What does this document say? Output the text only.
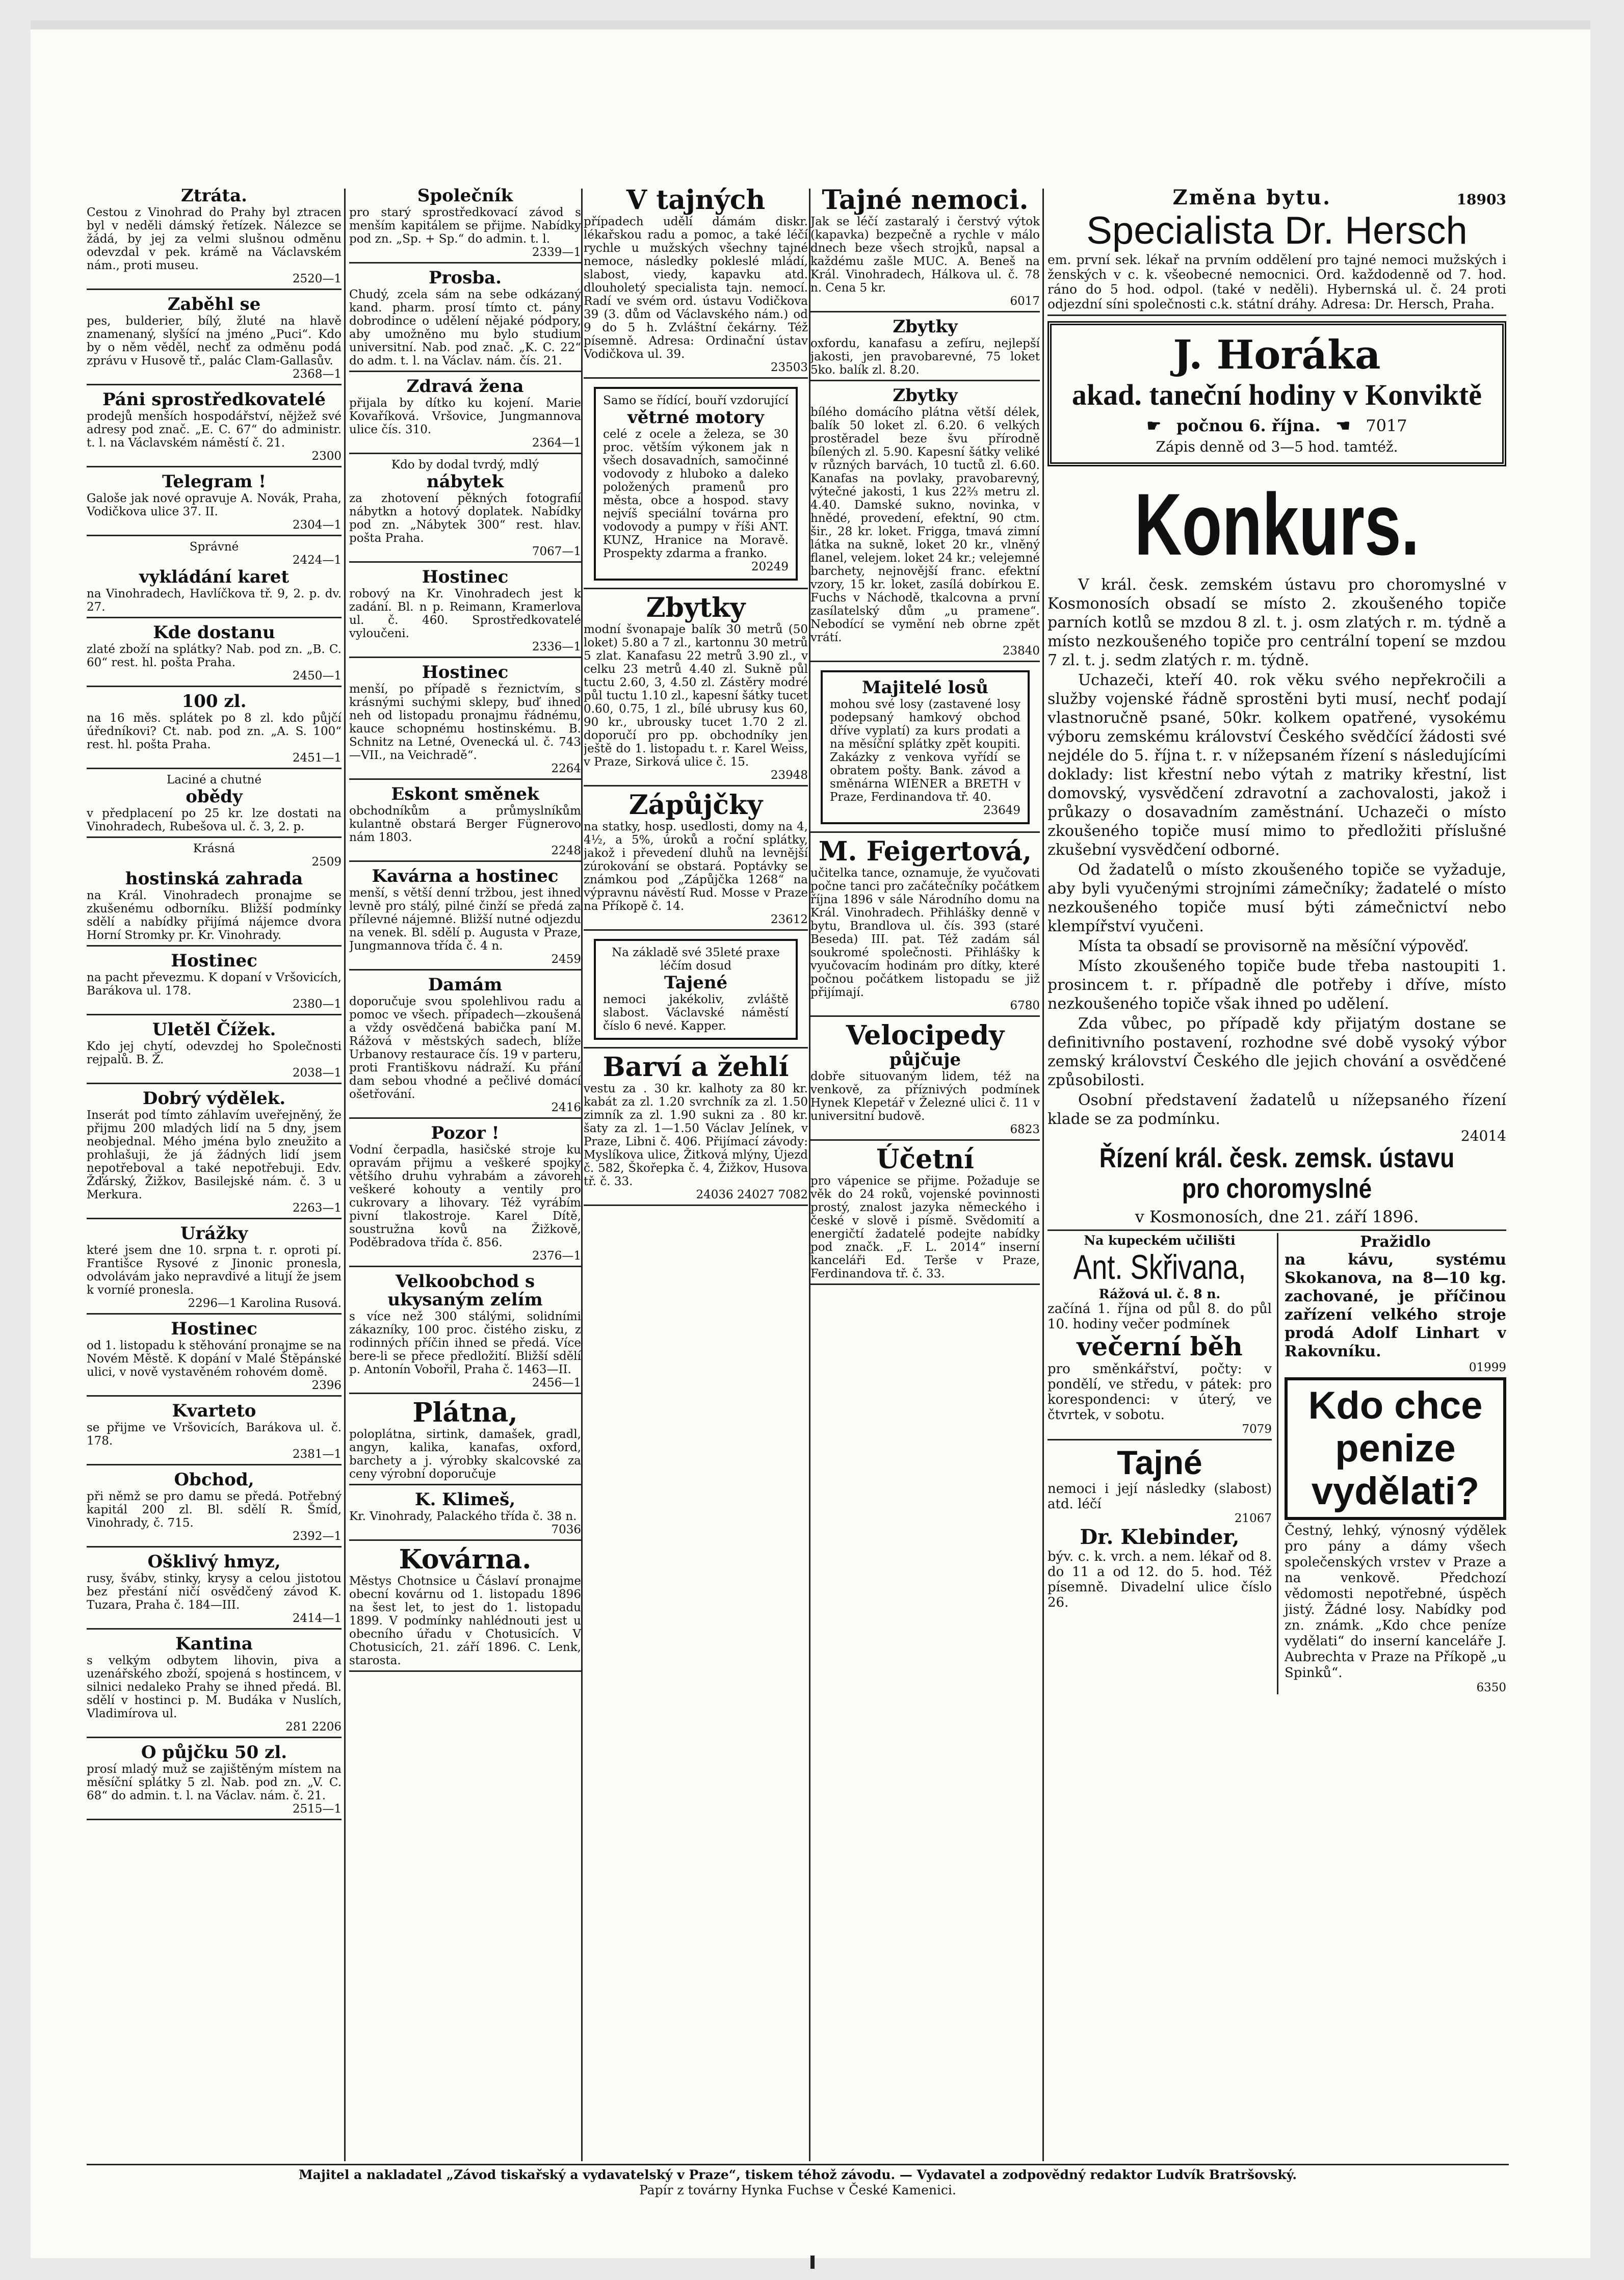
Ztráta.
Cestou z Vinohrad do Prahy byl ztracen byl v neděli dámský řetízek. Nálezce se žádá, by jej za velmi slušnou odměnu odevzdal v pek. krámě na Václavském nám., proti museu.
2520—1
Zaběhl se
pes, bulderier, bílý, žluté na hlavě znamenaný, slyšící na jméno „Puci“. Kdo by o něm věděl, nechť za odměnu podá zprávu v Husově tř., palác Clam-Gallasův.
2368—1
Páni sprostředkovatelé
prodejů menších hospodářství, nějžež své adresy pod znač. „E. C. 67“ do administr. t. l. na Václavském náměstí č. 21.
2300
Telegram !
Galoše jak nové opravuje A. Novák, Praha, Vodičkova ulice 37. II.
2304—1
Správné
2424—1
vykládání karet
na Vinohradech, Havlíčkova tř. 9, 2. p. dv. 27.
Kde dostanu
zlaté zboží na splátky? Nab. pod zn. „B. C. 60“ rest. hl. pošta Praha.
2450—1
100 zl.
na 16 měs. splátek po 8 zl. kdo půjčí úředníkovi? Ct. nab. pod zn. „A. S. 100“ rest. hl. pošta Praha.
2451—1
Laciné a chutné
obědy
v předplacení po 25 kr. lze dostati na Vinohradech, Rubešova ul. č. 3, 2. p.
Krásná
2509
hostinská zahrada
na Král. Vinohradech pronajme se zkušenému odborníku. Bližší podmínky sdělí a nabídky přijímá nájemce dvora Horní Stromky pr. Kr. Vinohrady.
Hostinec
na pacht převezmu. K dopaní v Vršovicích, Barákova ul. 178.
2380—1
Uletěl Čížek.
Kdo jej chytí, odevzdej ho Společnosti rejpalů. B. Ž.
2038—1
Dobrý výdělek.
Inserát pod tímto záhlavím uveřejněný, že přijmu 200 mladých lidí na 5 dny, jsem neobjednal. Mého jména bylo zneužito a prohlašuji, že já žádných lidí jsem nepotřeboval a také nepotřebuji. Edv. Žďárský, Žižkov, Basilejské nám. č. 3 u Merkura.
2263—1
Urážky
které jsem dne 10. srpna t. r. oproti pí. Františce Rysové z Jinonic pronesla, odvolávám jako nepravdivé a litují že jsem k vorníé pronesla.
2296—1 Karolina Rusová.
Hostinec
od 1. listopadu k stěhování pronajme se na Novém Městě. K dopání v Malé Štěpánské ulici, v nově vystavěném rohovém domě.
2396
Kvarteto
se přijme ve Vršovicích, Barákova ul. č. 178.
2381—1
Obchod,
při němž se pro damu se předá. Potřebný kapitál 200 zl. Bl. sdělí R. Šmíd, Vinohrady, č. 715.
2392—1
Ošklivý hmyz,
rusy, švábv, stinky, krysy a celou jistotou bez přestání ničí osvědčený závod K. Tuzara, Praha č. 184—III.
2414—1
Kantina
s velkým odbytem lihovin, piva a uzenářského zboží, spojená s hostincem, v silnici nedaleko Prahy se ihned předá. Bl. sdělí v hostinci p. M. Budáka v Nuslích, Vladimírova ul.
281 2206
O půjčku 50 zl.
prosí mladý muž se zajištěným místem na měsíční splátky 5 zl. Nab. pod zn. „V. C. 68“ do admin. t. l. na Václav. nám. č. 21.
2515—1
Společník
pro starý sprostředkovací závod s menším kapitálem se přijme. Nabídky pod zn. „Sp. + Sp.“ do admin. t. l.
2339—1
Prosba.
Chudý, zcela sám na sebe odkázaný kand. pharm. prosí tímto ct. pány dobrodince o udělení nějaké pódpory, aby umožněno mu bylo studium universitní. Nab. pod znač. „K. C. 22“ do adm. t. l. na Václav. nám. čís. 21.
Zdravá žena
přijala by dítko ku kojení. Marie Kovaříková. Vršovice, Jungmannova ulice čís. 310.
2364—1
Kdo by dodal tvrdý, mdlý
nábytek
za zhotovení pěkných fotografií nábytkn a hotový doplatek. Nabídky pod zn. „Nábytek 300“ rest. hlav. pošta Praha.
7067—1
Hostinec
robový na Kr. Vinohradech jest k zadání. Bl. n p. Reimann, Kramerlova ul. č. 460. Sprostředkovatelé vyloučeni.
2336—1
Hostinec
menší, po případě s řeznictvím, s krásnými suchými sklepy, buď ihned neh od listopadu pronajmu řádnému, kauce schopnému hostinskému. B. Schnitz na Letné, Ovenecká ul. č. 743—VII., na Veichradě“.
2264
Eskont směnek
obchodníkům a průmyslníkům kulantně obstará Berger Fügnerovo nám 1803.
2248
Kavárna a hostinec
menší, s větší denní tržbou, jest ihned levně pro stálý, pilné činží se předá za přílevné nájemné. Bližší nutné odjezdu na venek. Bl. sdělí p. Augusta v Praze, Jungmannova třída č. 4 n.
2459
Damám
doporučuje svou spolehlivou radu a pomoc ve všech. případech—zkoušená a vždy osvědčená babička paní M. Rážová v městských sadech, blíže Urbanovy restaurace čís. 19 v parteru, proti Františkovu nádraží. Ku přání dam sebou vhodné a pečlivé domácí ošetřování.
2416
Pozor !
Vodní čerpadla, hasičské stroje ku opravám přijmu a veškeré spojky většího druhu vyhrabám a závoreh veškeré kohouty a ventily pro cukrovary a lihovary. Též vyrábím pivní tlakostroje. Karel Dítě, soustružna kovů na Žižkově, Poděbradova třída č. 856.
2376—1
Velkoobchod s ukysaným zelím
s více než 300 stálými, solidními zákazníky, 100 proc. čistého zisku, z rodinných příčin ihned se předá. Více bere-li se přece předložití. Bližší sdělí p. Antonín Vobořil, Praha č. 1463—II.
2456—1
Plátna,
poloplátna, sirtink, damašek, gradl, angyn, kalika, kanafas, oxford, barchety a j. výrobky skalcovské za ceny výrobní doporučuje
K. Klimeš,
Kr. Vinohrady, Palackého třída č. 38 n.
7036
Kovárna.
Městys Chotnsice u Čáslaví pronajme obecní kovárnu od 1. listopadu 1896 na šest let, to jest do 1. listopadu 1899. V podmínky nahlédnouti jest u obecního úřadu v Chotusicích. V Chotusicích, 21. září 1896. C. Lenk, starosta.
V tajných
případech udělí dámám diskr. lékařskou radu a pomoc, a také léčí rychle u mužských všechny tajné nemoce, následky pokleslé mládí, slabost, viedy, kapavku atd. dlouholetý specialista tajn. nemocí. Radí ve svém ord. ústavu Vodičkova 39 (3. dům od Václavského nám.) od 9 do 5 h. Zvláštní čekárny. Též písemně. Adresa: Ordinační ústav Vodičkova ul. 39.
23503
Samo se řídící, bouří vzdorující
větrné motory
celé z ocele a železa, se 30 proc. větším výkonem jak n všech dosavadních, samočinné vodovody z hluboko a daleko položených pramenů pro města, obce a hospod. stavy nejvíš speciální továrna pro vodovody a pumpy v říši ANT. KUNZ, Hranice na Moravě. Prospekty zdarma a franko.
20249
Zbytky
modní švonapaje balík 30 metrů (50 loket) 5.80 a 7 zl., kartonnu 30 metrů 5 zlat. Kanafasu 22 metrů 3.90 zl., v celku 23 metrů 4.40 zl. Sukně půl tuctu 2.60, 3, 4.50 zl. Zástěry modré půl tuctu 1.10 zl., kapesní šátky tucet 0.60, 0.75, 1 zl., bílé ubrusy kus 60, 90 kr., ubrousky tucet 1.70 2 zl. doporučí pro pp. obchodníky jen ještě do 1. listopadu t. r. Karel Weiss, v Praze, Sirková ulice č. 15.
23948
Zápůjčky
na statky, hosp. usedlosti, domy na 4, 4½, a 5%, úroků a roční splátky, jakož i převedení dluhů na levnější zúrokování se obstará. Poptávky se známkou pod „Zápůjčka 1268“ na výpravnu návěstí Rud. Mosse v Praze na Příkopě č. 14.
23612
Na základě své 35leté praxe léčím dosud
Tajené
nemoci jakékoliv, zvláště slabost. Václavské náměstí číslo 6 nevé. Kapper.
Barví a žehlí
vestu za . 30 kr. kalhoty za 80 kr. kabát za zl. 1.20 svrchník za zl. 1.50 zimník za zl. 1.90 sukni za . 80 kr. šaty za zl. 1—1.50 Václav Jelínek, v Praze, Libni č. 406. Přijímací závody: Myslíkova ulice, Žitková mlýny, Újezd č. 582, Škořepka č. 4, Žižkov, Husova tř. č. 33.
24036 24027 7082
Tajné nemoci.
Jak se léčí zastaralý i čerstvý výtok (kapavka) bezpečně a rychle v málo dnech beze všech strojků, napsal a každému zašle MUC. A. Beneš na Král. Vinohradech, Hálkova ul. č. 78 n. Cena 5 kr.
6017
Zbytky
oxfordu, kanafasu a zefíru, nejlepší jakosti, jen pravobarevné, 75 loket 5ko. balík zl. 8.20.
Zbytky
bílého domácího plátna větší délek, balík 50 loket zl. 6.20. 6 velkých prostěradel beze švu přírodně bílených zl. 5.90. Kapesní šátky veliké v různých barvách, 10 tuctů zl. 6.60. Kanafas na povlaky, pravobarevný, výtečné jakosti, 1 kus 22⅔ metru zl. 4.40. Damské sukno, novinka, v hnědé, provedení, efektní, 90 ctm. šir., 28 kr. loket. Frigga, tmavá zimní látka na sukně, loket 20 kr., vlněný flanel, velejem. loket 24 kr.; velejemné barchety, nejnovější franc. efektní vzory, 15 kr. loket, zasílá dobírkou E. Fuchs v Náchodě, tkalcovna a první zasílatelský dům „u pramene“. Nebodící se vymění neb obrne zpět vrátí.
23840
Majitelé losů
mohou své losy (zastavené losy podepsaný hamkový obchod dříve vyplatí) za kurs prodati a na měsíční splátky zpět koupiti. Zakázky z venkova vyřídí se obratem pošty. Bank. závod a směnárna WIENER a BRETH v Praze, Ferdinandova tř. 40.
23649
M. Feigertová,
učitelka tance, oznamuje, že vyučovati počne tanci pro začátečníky počátkem října 1896 v sále Národního domu na Král. Vinohradech. Přihlášky denně v bytu, Brandlova ul. čís. 393 (staré Beseda) III. pat. Též zadám sál soukromé společnosti. Přihlášky k vyučovacím hodinám pro dítky, které počnou počátkem listopadu se již přijímají.
6780
Velocipedy
půjčuje
dobře situovaným lidem, též na venkově, za příznivých podmínek Hynek Klepetář v Železné ulici č. 11 v universitní budově.
6823
Účetní
pro vápenice se přijme. Požaduje se věk do 24 roků, vojenské povinnosti prostý, znalost jazyka německého i české v slově i písmě. Svědomití a energičtí žadatelé podejte nabídky pod značk. „F. L. 2014“ inserní kanceláři Ed. Terše v Praze, Ferdinandova tř. č. 33.
Změna bytu.	18903
Specialista Dr. Hersch
em. první sek. lékař na prvním oddělení pro tajné nemoci mužských i ženských v c. k. všeobecné nemocnici. Ord. každodenně od 7. hod. ráno do 5 hod. odpol. (také v neděli). Hybernská ul. č. 24 proti odjezdní síni společnosti c.k. státní dráhy. Adresa: Dr. Hersch, Praha.
J. Horáka
akad. taneční hodiny v Konviktě
☛ počnou 6. října. ☚ 7017
Zápis denně od 3—5 hod. tamtéž.
Konkurs.
V král. česk. zemském ústavu pro choromyslné v Kosmonosích obsadí se místo 2. zkoušeného topiče parních kotlů se mzdou 8 zl. t. j. osm zlatých r. m. týdně a místo nezkoušeného topiče pro centrální topení se mzdou 7 zl. t. j. sedm zlatých r. m. týdně.
Uchazeči, kteří 40. rok věku svého nepřekročili a služby vojenské řádně sprostěni byti musí, nechť podají vlastnoručně psané, 50kr. kolkem opatřené, vysokému výboru zemskému království Českého svědčící žádosti své nejdéle do 5. října t. r. v nížepsaném řízení s následujícími doklady: list křestní nebo výtah z matriky křestní, list domovský, vysvědčení zdravotní a zachovalosti, jakož i průkazy o dosavadním zaměstnání. Uchazeči o místo zkoušeného topiče musí mimo to předložiti příslušné zkušební vysvědčení odborné.
Od žadatelů o místo zkoušeného topiče se vyžaduje, aby byli vyučenými strojními zámečníky; žadatelé o místo nezkoušeného topiče musí býti zámečnictví nebo klempířství vyučeni.
Místa ta obsadí se provisorně na měsíční výpověď.
Místo zkoušeného topiče bude třeba nastoupiti 1. prosincem t. r. případně dle potřeby i dříve, místo nezkoušeného topiče však ihned po udělení.
Zda vůbec, po případě kdy přijatým dostane se definitivního postavení, rozhodne své době vysoký výbor zemský království Českého dle jejich chování a osvědčené způsobilosti.
Osobní představení žadatelů u nížepsaného řízení klade se za podmínku.
24014
Řízení král. česk. zemsk. ústavu pro choromyslné
v Kosmonosích, dne 21. září 1896.
Na kupeckém učilišti
Ant. Skřivana,
Rážová ul. č. 8 n.
začíná 1. října od půl 8. do půl 10. hodiny večer podmínek
večerní běh
pro směnkářství, počty: v pondělí, ve středu, v pátek: pro korespondenci: v úterý, ve čtvrtek, v sobotu.
7079
Tajné
nemoci i její následky (slabost) atd. léčí
21067
Dr. Klebinder,
býv. c. k. vrch. a nem. lékař od 8. do 11 a od 12. do 5. hod. Též písemně. Divadelní ulice číslo 26.
Pražidlo
na kávu, systému Skokanova, na 8—10 kg. zachované, je příčinou zařízení velkého stroje prodá Adolf Linhart v Rakovníku.
01999
Kdo chce penize vydělati?
Čestný, lehký, výnosný výdělek pro pány a dámy všech společenských vrstev v Praze a na venkově. Předchozí vědomosti nepotřebné, úspěch jistý. Žádné losy. Nabídky pod zn. známk. „Kdo chce peníze vydělati“ do inserní kanceláře J. Aubrechta v Praze na Příkopě „u Spinků“.
6350
Majitel a nakladatel „Závod tiskařský a vydavatelský v Praze“, tiskem téhož závodu. — Vydavatel a zodpovědný redaktor Ludvík Bratršovský.
Papír z továrny Hynka Fuchse v České Kamenici.
